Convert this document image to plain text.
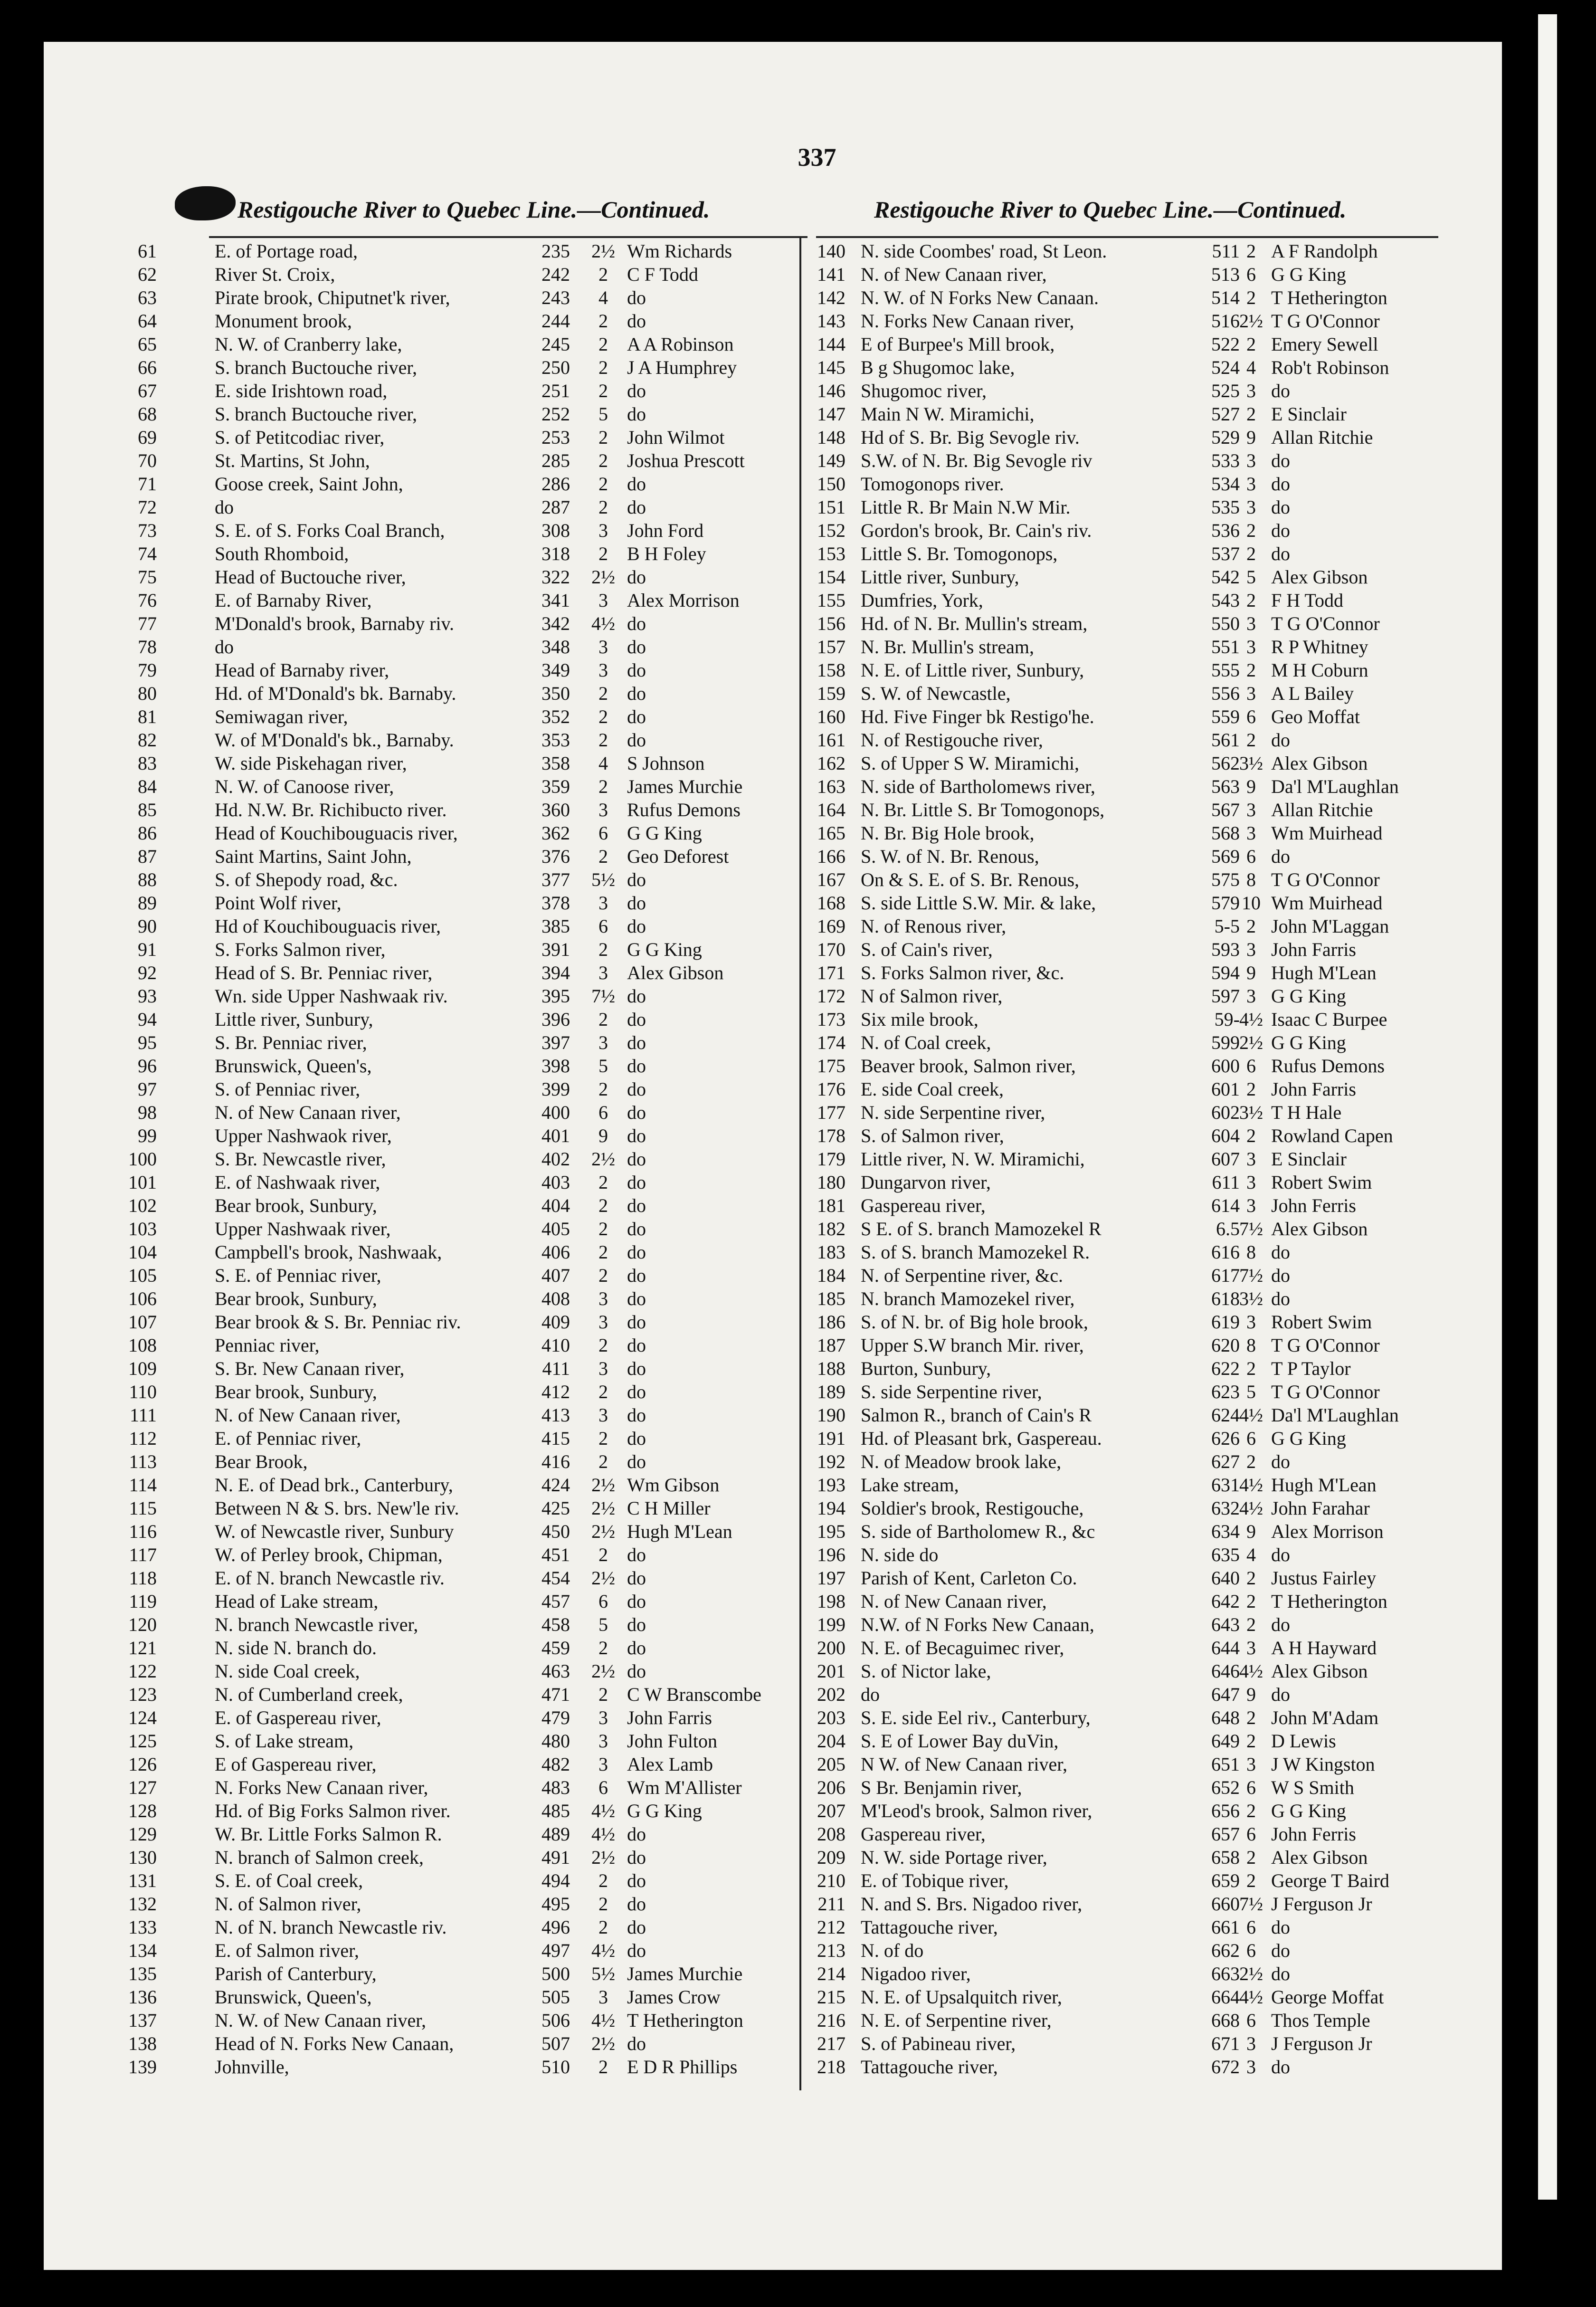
337
Restigouche River to Quebec Line.—Continued.	Restigouche River to Quebec Line.—Continued.
61	E. of Portage road,	235 2½ Wm Richards
62	River St. Croix,	242	2	C F Todd
63	Pirate brook, Chiputnet'k river,	243	4	do
64	Monument brook,	244	2	do
65	N. W. of Cranberry lake,	245	2	A A Robinson
66	S. branch Buctouche river,	250	2	J A Humphrey
67	E. side Irishtown road,	251	2	do
68	S. branch Buctouche river,	252	5	do
69	S. of Petitcodiac river,	253	2	John Wilmot
70	St. Martins, St John,	285	2	Joshua Prescott
71	Goose creek, Saint John,	286	2	do
72	do	287	2	do
73	S. E. of S. Forks Coal Branch,	308	3	John Ford
74	South Rhomboid,	318	2	B H Foley
75	Head of Buctouche river,	322 2½ do
76	E. of Barnaby River,	341	3	Alex Morrison
77	M'Donald's brook, Barnaby riv.	342 4½ do
78	do	348	3	do
79	Head of Barnaby river,	349	3	do
80	Hd. of M'Donald's bk. Barnaby.	350	2	do
81	Semiwagan river,	352	2	do
82	W. of M'Donald's bk., Barnaby.	353	2	do
83	W. side Piskehagan river,	358	4	S Johnson
84	N. W. of Canoose river,	359	2	James Murchie
85	Hd. N.W. Br. Richibucto river.	360	3	Rufus Demons
86	Head of Kouchibouguacis river,	362	6	G G King
87	Saint Martins, Saint John,	376	2	Geo Deforest
88	S. of Shepody road, &c.	377 5½ do
89	Point Wolf river,	378	3	do
90	Hd of Kouchibouguacis river,	385	6	do
91	S. Forks Salmon river,	391	2	G G King
92	Head of S. Br. Penniac river,	394	3	Alex Gibson
93	Wn. side Upper Nashwaak riv.	395 7½ do
94	Little river, Sunbury,	396	2	do
95	S. Br. Penniac river,	397	3	do
96	Brunswick, Queen's,	398	5	do
97	S. of Penniac river,	399	2	do
98	N. of New Canaan river,	400	6	do
99	Upper Nashwaok river,	401	9	do
100	S. Br. Newcastle river,	402 2½ do
101	E. of Nashwaak river,	403	2	do
102	Bear brook, Sunbury,	404	2	do
103	Upper Nashwaak river,	405	2	do
104	Campbell's brook, Nashwaak,	406	2	do
105	S. E. of Penniac river,	407	2	do
106	Bear brook, Sunbury,	408	3	do
107	Bear brook & S. Br. Penniac riv.	409	3	do
108	Penniac river,	410	2	do
109	S. Br. New Canaan river,	411	3	do
110	Bear brook, Sunbury,	412	2	do
111	N. of New Canaan river,	413	3	do
112	E. of Penniac river,	415	2	do
113	Bear Brook,	416	2	do
114	N. E. of Dead brk., Canterbury,	424 2½ Wm Gibson
115	Between N & S. brs. New'le riv.	425 2½ C H Miller
116	W. of Newcastle river, Sunbury	450 2½ Hugh M'Lean
117	W. of Perley brook, Chipman,	451	2	do
118	E. of N. branch Newcastle riv.	454 2½ do
119	Head of Lake stream,	457	6	do
120	N. branch Newcastle river,	458	5	do
121	N. side N. branch do.	459	2	do
122	N. side Coal creek,	463 2½ do
123	N. of Cumberland creek,	471	2	C W Branscombe
124	E. of Gaspereau river,	479	3	John Farris
125	S. of Lake stream,	480	3	John Fulton
126	E of Gaspereau river,	482	3	Alex Lamb
127	N. Forks New Canaan river,	483	6	Wm M'Allister
128	Hd. of Big Forks Salmon river.	485 4½ G G King
129	W. Br. Little Forks Salmon R.	489 4½ do
130	N. branch of Salmon creek,	491 2½ do
131	S. E. of Coal creek,	494	2	do
132	N. of Salmon river,	495	2	do
133	N. of N. branch Newcastle riv.	496	2	do
134	E. of Salmon river,	497 4½ do
135	Parish of Canterbury,	500 5½ James Murchie
136	Brunswick, Queen's,	505	3	James Crow
137	N. W. of New Canaan river,	506 4½ T Hetherington
138	Head of N. Forks New Canaan,	507 2½ do
139	Johnville,	510	2	E D R Phillips
140 N. side Coombes' road, St Leon.	511 2 A F Randolph
141 N. of New Canaan river,	513 6 G G King
142 N. W. of N Forks New Canaan.	514 2 T Hetherington
143 N. Forks New Canaan river,	516 2½ T G O'Connor
144 E of Burpee's Mill brook,	522 2 Emery Sewell
145 B g Shugomoc lake,	524 4 Rob't Robinson
146 Shugomoc river,	525 3 do
147 Main N W. Miramichi,	527 2 E Sinclair
148 Hd of S. Br. Big Sevogle riv.	529 9 Allan Ritchie
149 S.W. of N. Br. Big Sevogle riv	533 3 do
150 Tomogonops river.	534 3 do
151 Little R. Br Main N.W Mir.	535 3 do
152 Gordon's brook, Br. Cain's riv.	536 2 do
153 Little S. Br. Tomogonops,	537 2 do
154 Little river, Sunbury,	542 5 Alex Gibson
155 Dumfries, York,	543 2 F H Todd
156 Hd. of N. Br. Mullin's stream,	550 3 T G O'Connor
157 N. Br. Mullin's stream,	551 3 R P Whitney
158 N. E. of Little river, Sunbury,	555 2 M H Coburn
159 S. W. of Newcastle,	556 3 A L Bailey
160 Hd. Five Finger bk Restigo'he.	559 6 Geo Moffat
161 N. of Restigouche river,	561 2 do
162 S. of Upper S W. Miramichi,	562 3½ Alex Gibson
163 N. side of Bartholomews river,	563 9 Da'l M'Laughlan
164 N. Br. Little S. Br Tomogonops,	567 3 Allan Ritchie
165 N. Br. Big Hole brook,	568 3 Wm Muirhead
166 S. W. of N. Br. Renous,	569 6 do
167 On & S. E. of S. Br. Renous,	575 8 T G O'Connor
168 S. side Little S.W. Mir. & lake,	579 10 Wm Muirhead
169 N. of Renous river,	5-5 2 John M'Laggan
170 S. of Cain's river,	593 3 John Farris
171 S. Forks Salmon river, &c.	594 9 Hugh M'Lean
172 N of Salmon river,	597 3 G G King
173 Six mile brook,	59- 4½ Isaac C Burpee
174 N. of Coal creek,	599 2½ G G King
175 Beaver brook, Salmon river,	600 6 Rufus Demons
176 E. side Coal creek,	601 2 John Farris
177 N. side Serpentine river,	602 3½ T H Hale
178 S. of Salmon river,	604 2 Rowland Capen
179 Little river, N. W. Miramichi,	607 3 E Sinclair
180 Dungarvon river,	611 3 Robert Swim
181 Gaspereau river,	614 3 John Ferris
182 S E. of S. branch Mamozekel R	6.5 7½ Alex Gibson
183 S. of S. branch Mamozekel R.	616 8 do
184 N. of Serpentine river, &c.	617 7½ do
185 N. branch Mamozekel river,	618 3½ do
186 S. of N. br. of Big hole brook,	619 3 Robert Swim
187 Upper S.W branch Mir. river,	620 8 T G O'Connor
188 Burton, Sunbury,	622 2 T P Taylor
189 S. side Serpentine river,	623 5 T G O'Connor
190 Salmon R., branch of Cain's R	624 4½ Da'l M'Laughlan
191 Hd. of Pleasant brk, Gaspereau.	626 6 G G King
192 N. of Meadow brook lake,	627 2 do
193 Lake stream,	631 4½ Hugh M'Lean
194 Soldier's brook, Restigouche,	632 4½ John Farahar
195 S. side of Bartholomew R., &c	634 9 Alex Morrison
196 N. side do	635 4 do
197 Parish of Kent, Carleton Co.	640 2 Justus Fairley
198 N. of New Canaan river,	642 2 T Hetherington
199 N.W. of N Forks New Canaan,	643 2 do
200 N. E. of Becaguimec river,	644 3 A H Hayward
201 S. of Nictor lake,	646 4½ Alex Gibson
202 do	647 9 do
203 S. E. side Eel riv., Canterbury,	648 2 John M'Adam
204 S. E of Lower Bay duVin,	649 2 D Lewis
205 N W. of New Canaan river,	651 3 J W Kingston
206 S Br. Benjamin river,	652 6 W S Smith
207 M'Leod's brook, Salmon river,	656 2 G G King
208 Gaspereau river,	657 6 John Ferris
209 N. W. side Portage river,	658 2 Alex Gibson
210 E. of Tobique river,	659 2 George T Baird
211 N. and S. Brs. Nigadoo river,	660 7½ J Ferguson Jr
212 Tattagouche river,	661 6 do
213 N. of do	662 6 do
214 Nigadoo river,	663 2½ do
215 N. E. of Upsalquitch river,	664 4½ George Moffat
216 N. E. of Serpentine river,	668 6 Thos Temple
217 S. of Pabineau river,	671 3 J Ferguson Jr
218 Tattagouche river,	672 3 do
